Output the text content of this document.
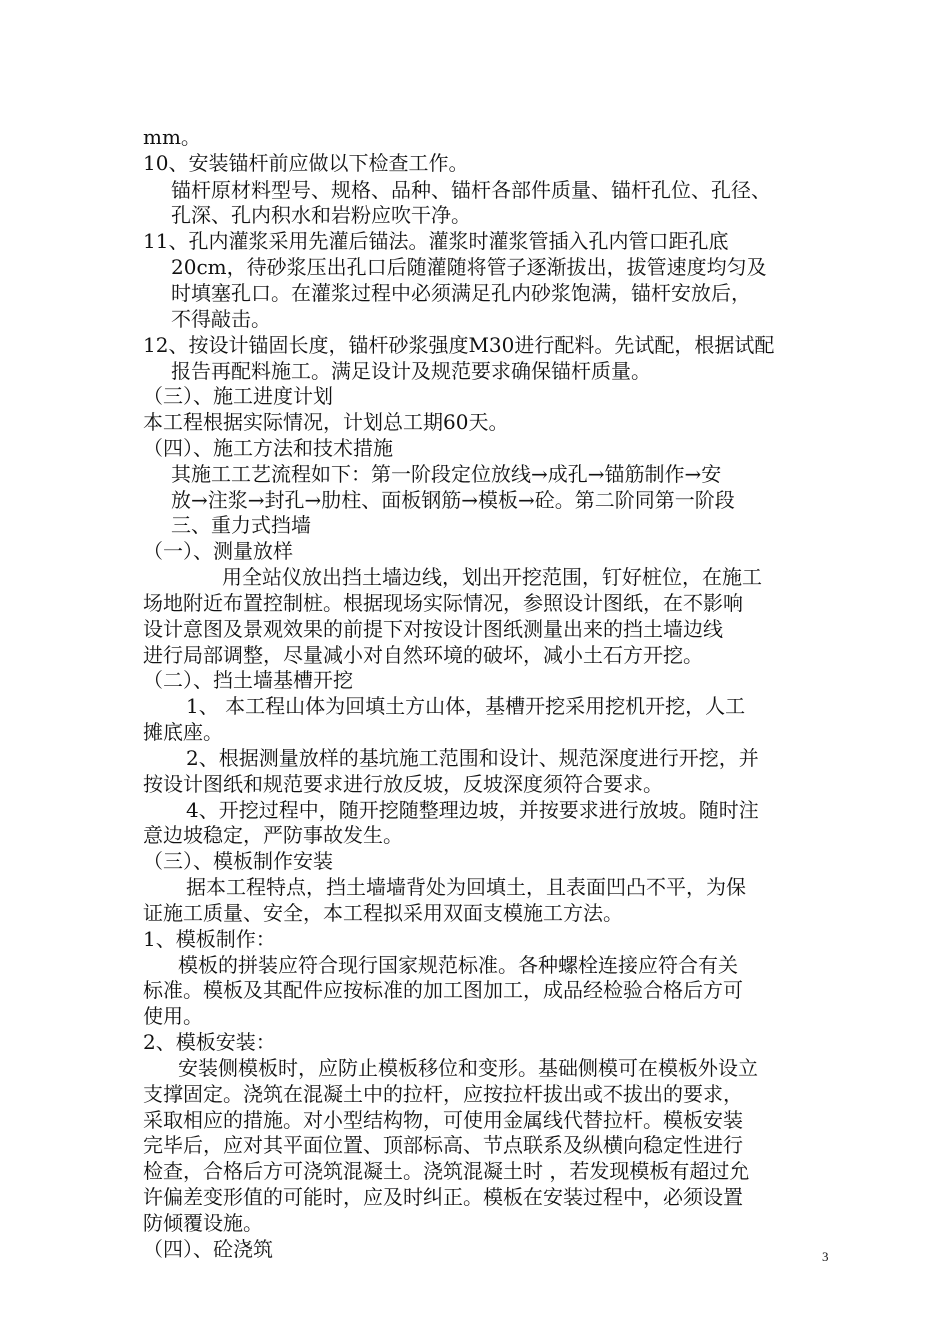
mm。
10、安装锚杆前应做以下检查工作。
锚杆原材料型号、规格、品种、锚杆各部件质量、锚杆孔位、孔径、
孔深、孔内积水和岩粉应吹干净。
11、孔内灌浆采用先灌后锚法。灌浆时灌浆管插入孔内管口距孔底
20cm，待砂浆压出孔口后随灌随将管子逐渐拔出，拔管速度均匀及
时填塞孔口。在灌浆过程中必须满足孔内砂浆饱满，锚杆安放后，
不得敲击。
12、按设计锚固长度，锚杆砂浆强度M30进行配料。先试配，根据试配
报告再配料施工。满足设计及规范要求确保锚杆质量。
（三）、施工进度计划
本工程根据实际情况，计划总工期60天。
（四）、施工方法和技术措施
其施工工艺流程如下：第一阶段定位放线→成孔→锚筋制作→安
放→注浆→封孔→肋柱、面板钢筋→模板→砼。第二阶同第一阶段
三、重力式挡墙
（一）、测量放样
用全站仪放出挡土墙边线，划出开挖范围，钉好桩位，在施工
场地附近布置控制桩。根据现场实际情况，参照设计图纸，在不影响
设计意图及景观效果的前提下对按设计图纸测量出来的挡土墙边线
进行局部调整，尽量减小对自然环境的破坏，减小土石方开挖。
（二）、挡土墙基槽开挖
1、 本工程山体为回填土方山体，基槽开挖采用挖机开挖，人工
摊底座。
2、根据测量放样的基坑施工范围和设计、规范深度进行开挖，并
按设计图纸和规范要求进行放反坡，反坡深度须符合要求。
4、开挖过程中，随开挖随整理边坡，并按要求进行放坡。随时注
意边坡稳定，严防事故发生。
（三）、模板制作安装
据本工程特点，挡土墙墙背处为回填土，且表面凹凸不平，为保
证施工质量、安全，本工程拟采用双面支模施工方法。
1、模板制作：
模板的拼装应符合现行国家规范标准。各种螺栓连接应符合有关
标准。模板及其配件应按标准的加工图加工，成品经检验合格后方可
使用。
2、模板安装：
安装侧模板时，应防止模板移位和变形。基础侧模可在模板外设立
支撑固定。浇筑在混凝土中的拉杆，应按拉杆拔出或不拔出的要求，
采取相应的措施。对小型结构物，可使用金属线代替拉杆。模板安装
完毕后，应对其平面位置、顶部标高、节点联系及纵横向稳定性进行
检查，合格后方可浇筑混凝土。浇筑混凝土时 ，若发现模板有超过允
许偏差变形值的可能时，应及时纠正。模板在安装过程中，必须设置
防倾覆设施。
（四）、砼浇筑	3
